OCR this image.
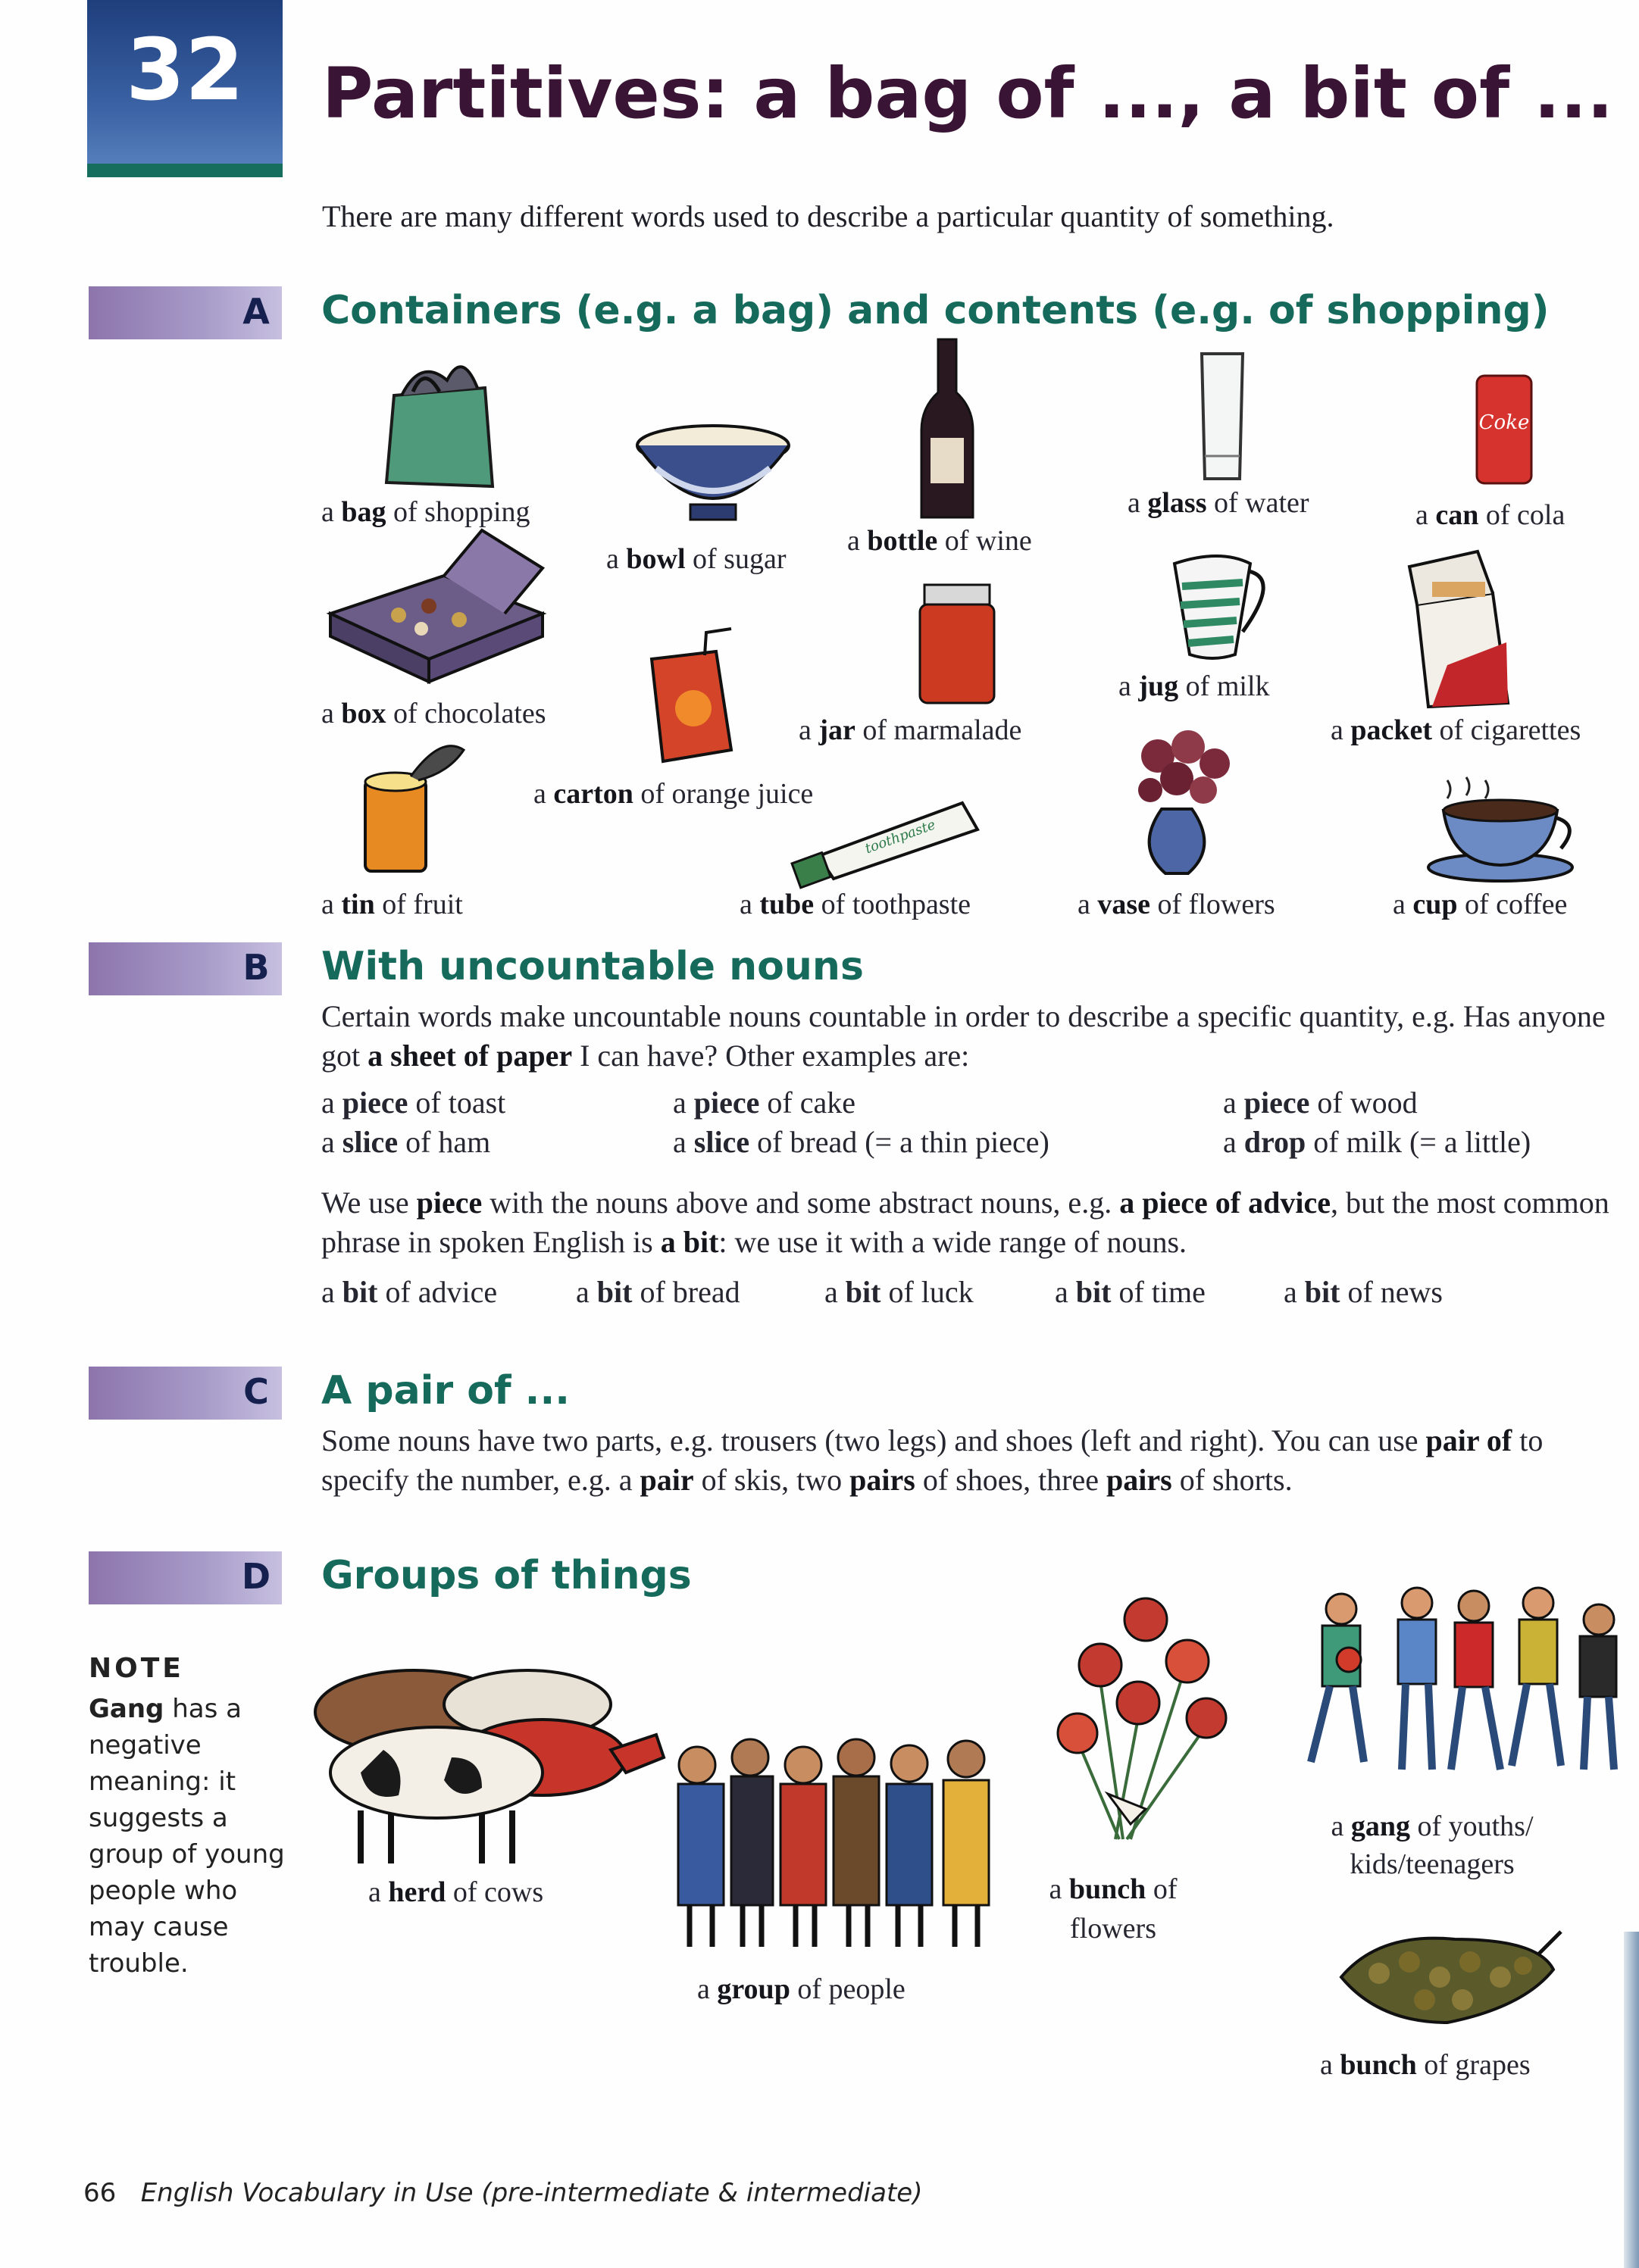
32	Partitives: a bag of ..., a bit of ...
There are many different words used to describe a particular quantity of something.
A Containers (e.g. a bag) and contents (e.g. of shopping)
Coke
toothpaste
a bag of shopping
a bowl of sugar
a bottle of wine
a glass of water	a can of cola
a box of chocolates
a carton of orange juice
a jar of marmalade
a jug of milk
a packet of cigarettes
a tin of fruit	a tube of toothpaste	a vase of flowers	a cup of coffee
B With uncountable nouns
Certain words make uncountable nouns countable in order to describe a specific quantity, e.g. Has anyone got a sheet of paper I can have? Other examples are:
a piece of toast	a piece of cake	a piece of wood
a slice of ham	a slice of bread (= a thin piece)	a drop of milk (= a little)
We use piece with the nouns above and some abstract nouns, e.g. a piece of advice, but the most common phrase in spoken English is a bit: we use it with a wide range of nouns.
a bit of advice	a bit of bread	a bit of luck	a bit of time	a bit of news
C A pair of ...
Some nouns have two parts, e.g. trousers (two legs) and shoes (left and right). You can use pair of to specify the number, e.g. a pair of skis, two pairs of shoes, three pairs of shorts.
D Groups of things
NOTE
Gang has a negative meaning: it suggests a group of young people who may cause trouble.
a herd of cows
a group of people
a bunch of
flowers
a gang of youths/
kids/teenagers
a bunch of grapes
66 English Vocabulary in Use (pre-intermediate & intermediate)
